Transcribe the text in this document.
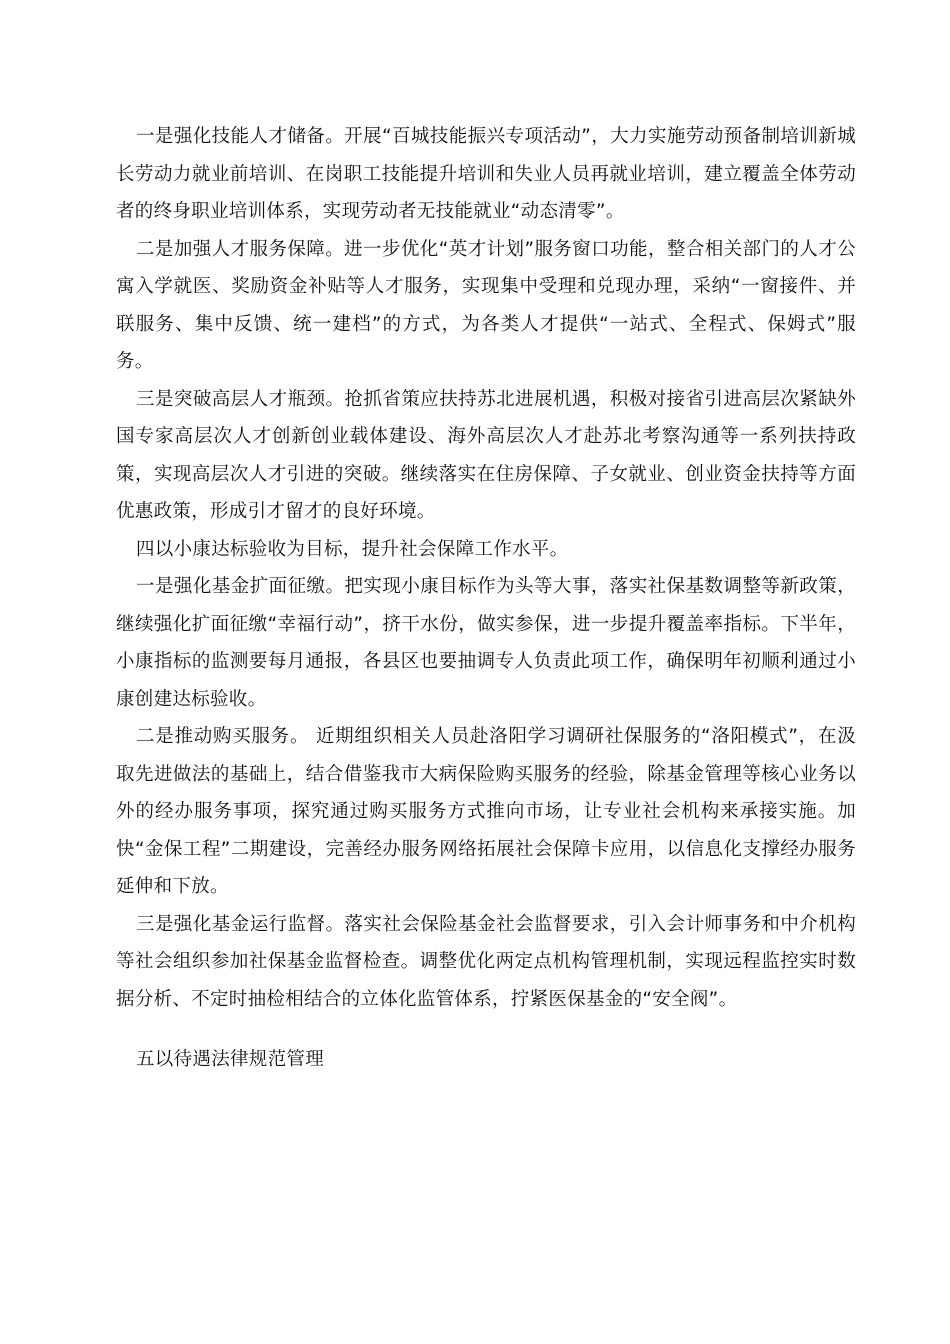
一是强化技能人才储备。开展“百城技能振兴专项活动”，大力实施劳动预备制培训新城长劳动力就业前培训、在岗职工技能提升培训和失业人员再就业培训，建立覆盖全体劳动者的终身职业培训体系，实现劳动者无技能就业“动态清零”。

二是加强人才服务保障。进一步优化“英才计划”服务窗口功能，整合相关部门的人才公寓入学就医、奖励资金补贴等人才服务，实现集中受理和兑现办理，采纳“一窗接件、并联服务、集中反馈、统一建档”的方式，为各类人才提供“一站式、全程式、保姆式”服务。

三是突破高层人才瓶颈。抢抓省策应扶持苏北进展机遇，积极对接省引进高层次紧缺外国专家高层次人才创新创业载体建设、海外高层次人才赴苏北考察沟通等一系列扶持政策，实现高层次人才引进的突破。继续落实在住房保障、子女就业、创业资金扶持等方面优惠政策，形成引才留才的良好环境。

四以小康达标验收为目标，提升社会保障工作水平。

一是强化基金扩面征缴。把实现小康目标作为头等大事，落实社保基数调整等新政策，继续强化扩面征缴“幸福行动”，挤干水份，做实参保，进一步提升覆盖率指标。下半年，小康指标的监测要每月通报，各县区也要抽调专人负责此项工作，确保明年初顺利通过小康创建达标验收。

二是推动购买服务。 近期组织相关人员赴洛阳学习调研社保服务的“洛阳模式”，在汲取先进做法的基础上，结合借鉴我市大病保险购买服务的经验，除基金管理等核心业务以外的经办服务事项，探究通过购买服务方式推向市场，让专业社会机构来承接实施。加快“金保工程”二期建设，完善经办服务网络拓展社会保障卡应用，以信息化支撑经办服务延伸和下放。

三是强化基金运行监督。落实社会保险基金社会监督要求，引入会计师事务和中介机构等社会组织参加社保基金监督检查。调整优化两定点机构管理机制，实现远程监控实时数据分析、不定时抽检相结合的立体化监管体系，拧紧医保基金的“安全阀”。

五以待遇法律规范管理
